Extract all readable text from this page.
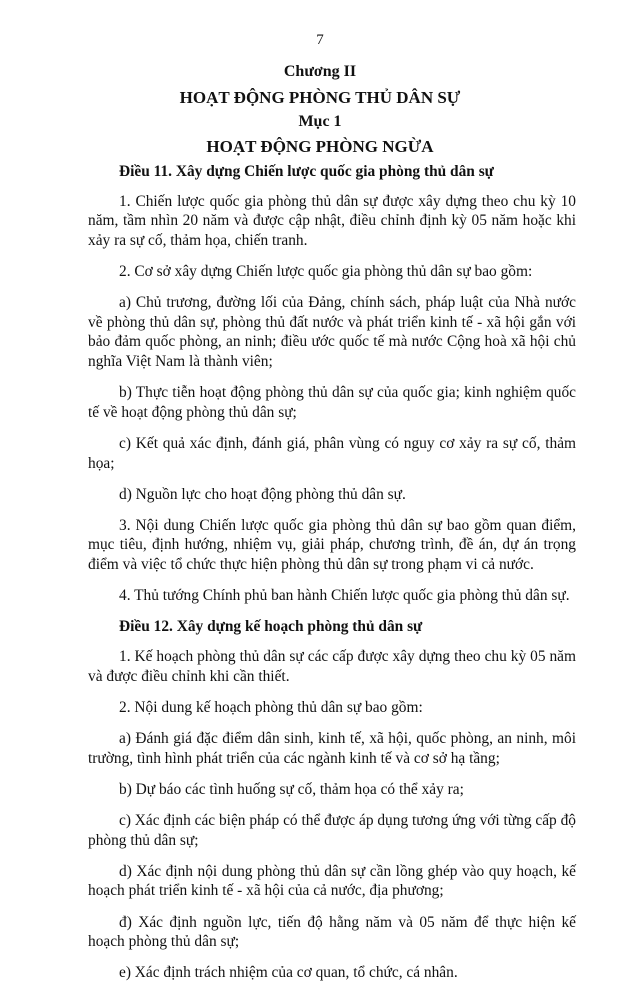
7
Chương II
HOẠT ĐỘNG PHÒNG THỦ DÂN SỰ
Mục 1
HOẠT ĐỘNG PHÒNG NGỪA

Điều 11. Xây dựng Chiến lược quốc gia phòng thủ dân sự

1. Chiến lược quốc gia phòng thủ dân sự được xây dựng theo chu kỳ 10 năm, tầm nhìn 20 năm và được cập nhật, điều chỉnh định kỳ 05 năm hoặc khi xảy ra sự cố, thảm họa, chiến tranh.

2. Cơ sở xây dựng Chiến lược quốc gia phòng thủ dân sự bao gồm:

a) Chủ trương, đường lối của Đảng, chính sách, pháp luật của Nhà nước về phòng thủ dân sự, phòng thủ đất nước và phát triển kinh tế - xã hội gắn với bảo đảm quốc phòng, an ninh; điều ước quốc tế mà nước Cộng hoà xã hội chủ nghĩa Việt Nam là thành viên;

b) Thực tiễn hoạt động phòng thủ dân sự của quốc gia; kinh nghiệm quốc tế về hoạt động phòng thủ dân sự;

c) Kết quả xác định, đánh giá, phân vùng có nguy cơ xảy ra sự cố, thảm họa;

d) Nguồn lực cho hoạt động phòng thủ dân sự.

3. Nội dung Chiến lược quốc gia phòng thủ dân sự bao gồm quan điểm, mục tiêu, định hướng, nhiệm vụ, giải pháp, chương trình, đề án, dự án trọng điểm và việc tổ chức thực hiện phòng thủ dân sự trong phạm vi cả nước.

4. Thủ tướng Chính phủ ban hành Chiến lược quốc gia phòng thủ dân sự.

Điều 12. Xây dựng kế hoạch phòng thủ dân sự

1. Kế hoạch phòng thủ dân sự các cấp được xây dựng theo chu kỳ 05 năm và được điều chỉnh khi cần thiết.

2. Nội dung kế hoạch phòng thủ dân sự bao gồm:

a) Đánh giá đặc điểm dân sinh, kinh tế, xã hội, quốc phòng, an ninh, môi trường, tình hình phát triển của các ngành kinh tế và cơ sở hạ tầng;

b) Dự báo các tình huống sự cố, thảm họa có thể xảy ra;

c) Xác định các biện pháp có thể được áp dụng tương ứng với từng cấp độ phòng thủ dân sự;

d) Xác định nội dung phòng thủ dân sự cần lồng ghép vào quy hoạch, kế hoạch phát triển kinh tế - xã hội của cả nước, địa phương;

đ) Xác định nguồn lực, tiến độ hằng năm và 05 năm để thực hiện kế hoạch phòng thủ dân sự;

e) Xác định trách nhiệm của cơ quan, tổ chức, cá nhân.
